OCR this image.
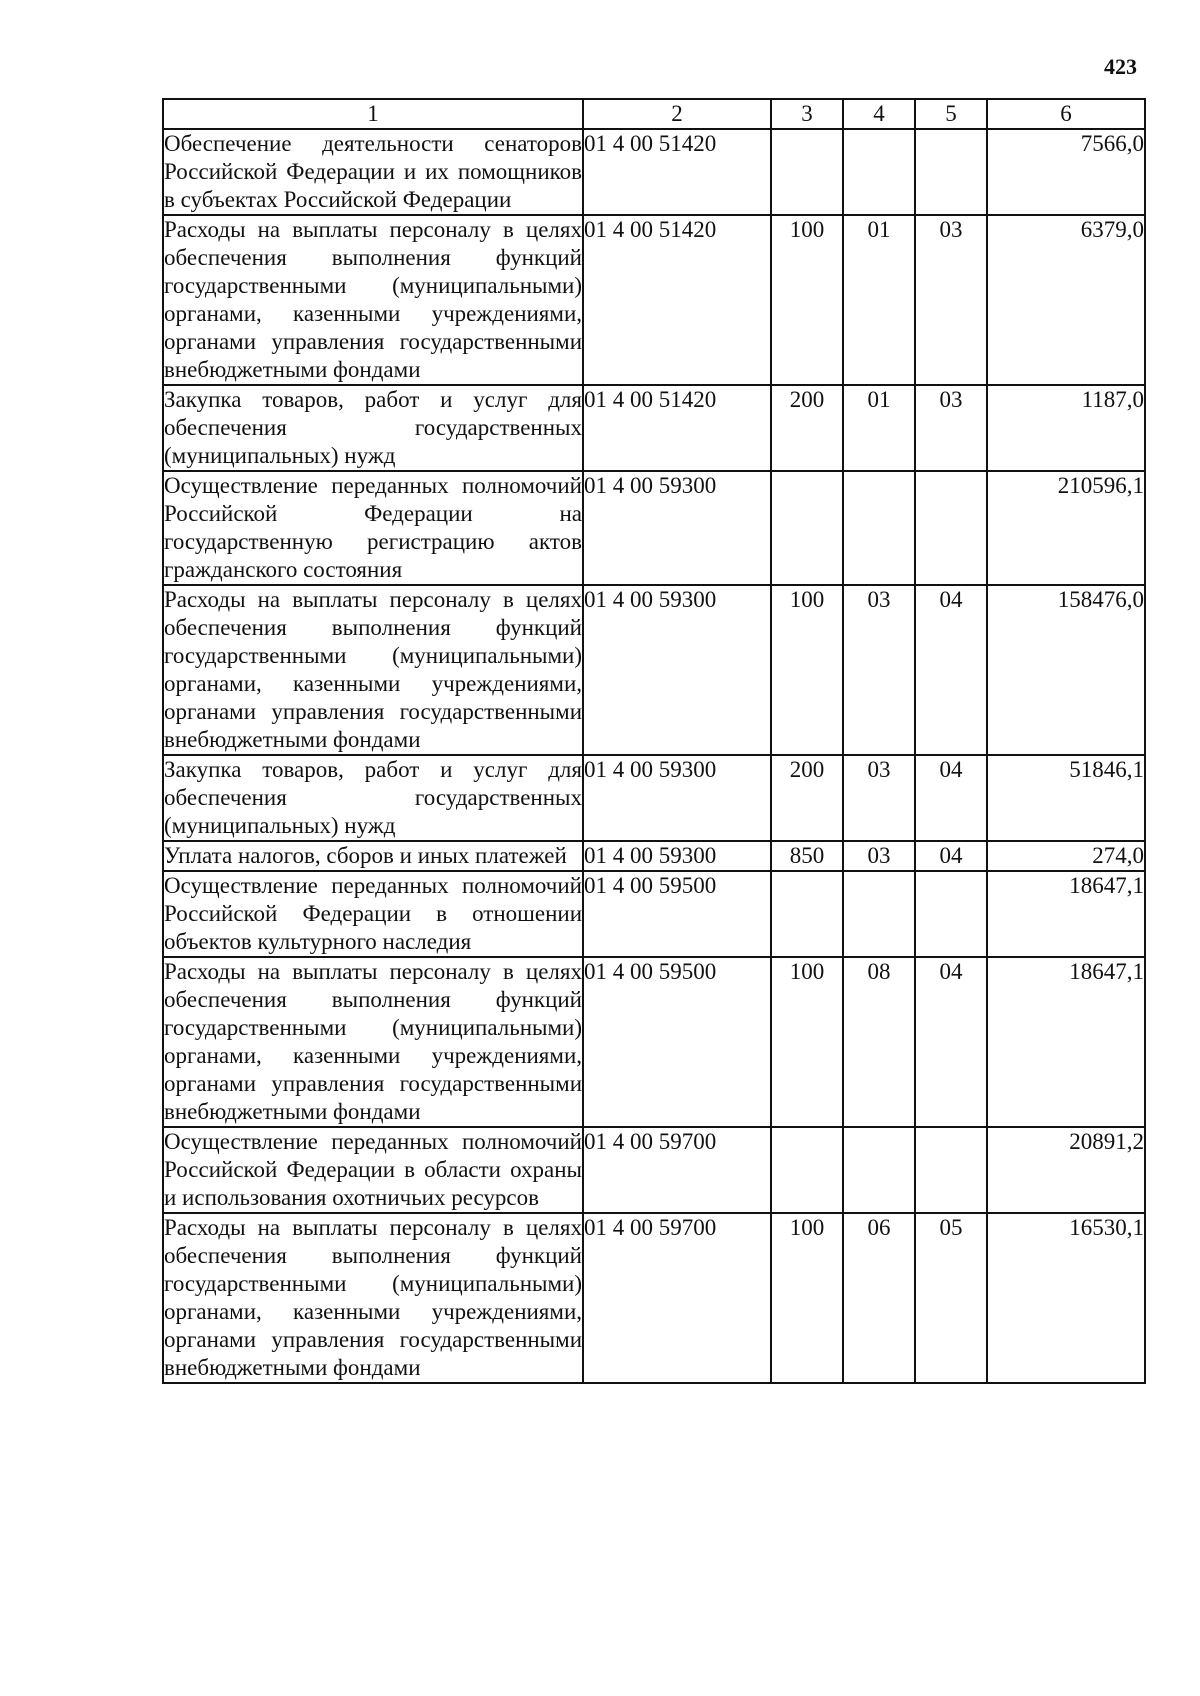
423
1	2	3	4	5	6
Обеспечение деятельности сенаторов Российской Федерации и их помощников в субъектах Российской Федерации	01 4 00 51420				7566,0
Расходы на выплаты персоналу в целях обеспечения выполнения функций государственными (муниципальными) органами, казенными учреждениями, органами управления государственными внебюджетными фондами	01 4 00 51420	100	01	03	6379,0
Закупка товаров, работ и услуг для обеспечения государственных (муниципальных) нужд	01 4 00 51420	200	01	03	1187,0
Осуществление переданных полномочий Российской Федерации на государственную регистрацию актов гражданского состояния	01 4 00 59300				210596,1
Расходы на выплаты персоналу в целях обеспечения выполнения функций государственными (муниципальными) органами, казенными учреждениями, органами управления государственными внебюджетными фондами	01 4 00 59300	100	03	04	158476,0
Закупка товаров, работ и услуг для обеспечения государственных (муниципальных) нужд	01 4 00 59300	200	03	04	51846,1
Уплата налогов, сборов и иных платежей	01 4 00 59300	850	03	04	274,0
Осуществление переданных полномочий Российской Федерации в отношении объектов культурного наследия	01 4 00 59500				18647,1
Расходы на выплаты персоналу в целях обеспечения выполнения функций государственными (муниципальными) органами, казенными учреждениями, органами управления государственными внебюджетными фондами	01 4 00 59500	100	08	04	18647,1
Осуществление переданных полномочий Российской Федерации в области охраны и использования охотничьих ресурсов	01 4 00 59700				20891,2
Расходы на выплаты персоналу в целях обеспечения выполнения функций государственными (муниципальными) органами, казенными учреждениями, органами управления государственными внебюджетными фондами	01 4 00 59700	100	06	05	16530,1
